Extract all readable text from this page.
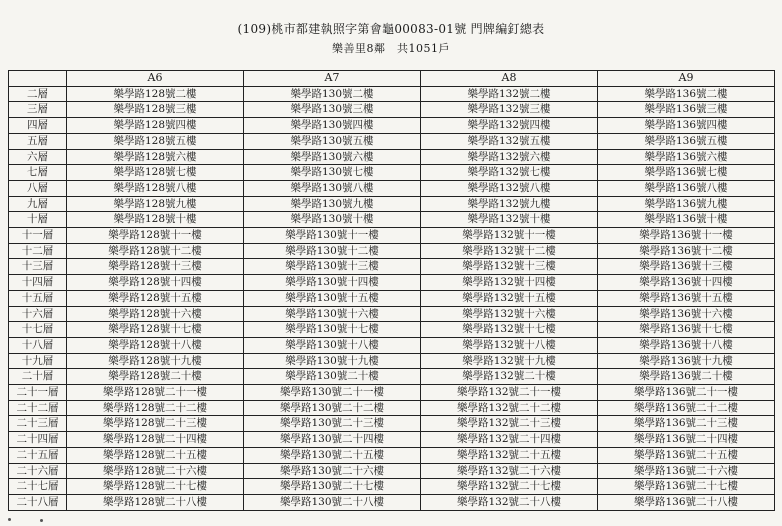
(109)桃市都建執照字第會龜00083-01號 門牌編釘總表
樂善里8鄰　共1051戶
	A6	A7	A8	A9
二層	樂學路128號二樓	樂學路130號二樓	樂學路132號二樓	樂學路136號二樓
三層	樂學路128號三樓	樂學路130號三樓	樂學路132號三樓	樂學路136號三樓
四層	樂學路128號四樓	樂學路130號四樓	樂學路132號四樓	樂學路136號四樓
五層	樂學路128號五樓	樂學路130號五樓	樂學路132號五樓	樂學路136號五樓
六層	樂學路128號六樓	樂學路130號六樓	樂學路132號六樓	樂學路136號六樓
七層	樂學路128號七樓	樂學路130號七樓	樂學路132號七樓	樂學路136號七樓
八層	樂學路128號八樓	樂學路130號八樓	樂學路132號八樓	樂學路136號八樓
九層	樂學路128號九樓	樂學路130號九樓	樂學路132號九樓	樂學路136號九樓
十層	樂學路128號十樓	樂學路130號十樓	樂學路132號十樓	樂學路136號十樓
十一層	樂學路128號十一樓	樂學路130號十一樓	樂學路132號十一樓	樂學路136號十一樓
十二層	樂學路128號十二樓	樂學路130號十二樓	樂學路132號十二樓	樂學路136號十二樓
十三層	樂學路128號十三樓	樂學路130號十三樓	樂學路132號十三樓	樂學路136號十三樓
十四層	樂學路128號十四樓	樂學路130號十四樓	樂學路132號十四樓	樂學路136號十四樓
十五層	樂學路128號十五樓	樂學路130號十五樓	樂學路132號十五樓	樂學路136號十五樓
十六層	樂學路128號十六樓	樂學路130號十六樓	樂學路132號十六樓	樂學路136號十六樓
十七層	樂學路128號十七樓	樂學路130號十七樓	樂學路132號十七樓	樂學路136號十七樓
十八層	樂學路128號十八樓	樂學路130號十八樓	樂學路132號十八樓	樂學路136號十八樓
十九層	樂學路128號十九樓	樂學路130號十九樓	樂學路132號十九樓	樂學路136號十九樓
二十層	樂學路128號二十樓	樂學路130號二十樓	樂學路132號二十樓	樂學路136號二十樓
二十一層	樂學路128號二十一樓	樂學路130號二十一樓	樂學路132號二十一樓	樂學路136號二十一樓
二十二層	樂學路128號二十二樓	樂學路130號二十二樓	樂學路132號二十二樓	樂學路136號二十二樓
二十三層	樂學路128號二十三樓	樂學路130號二十三樓	樂學路132號二十三樓	樂學路136號二十三樓
二十四層	樂學路128號二十四樓	樂學路130號二十四樓	樂學路132號二十四樓	樂學路136號二十四樓
二十五層	樂學路128號二十五樓	樂學路130號二十五樓	樂學路132號二十五樓	樂學路136號二十五樓
二十六層	樂學路128號二十六樓	樂學路130號二十六樓	樂學路132號二十六樓	樂學路136號二十六樓
二十七層	樂學路128號二十七樓	樂學路130號二十七樓	樂學路132號二十七樓	樂學路136號二十七樓
二十八層	樂學路128號二十八樓	樂學路130號二十八樓	樂學路132號二十八樓	樂學路136號二十八樓
